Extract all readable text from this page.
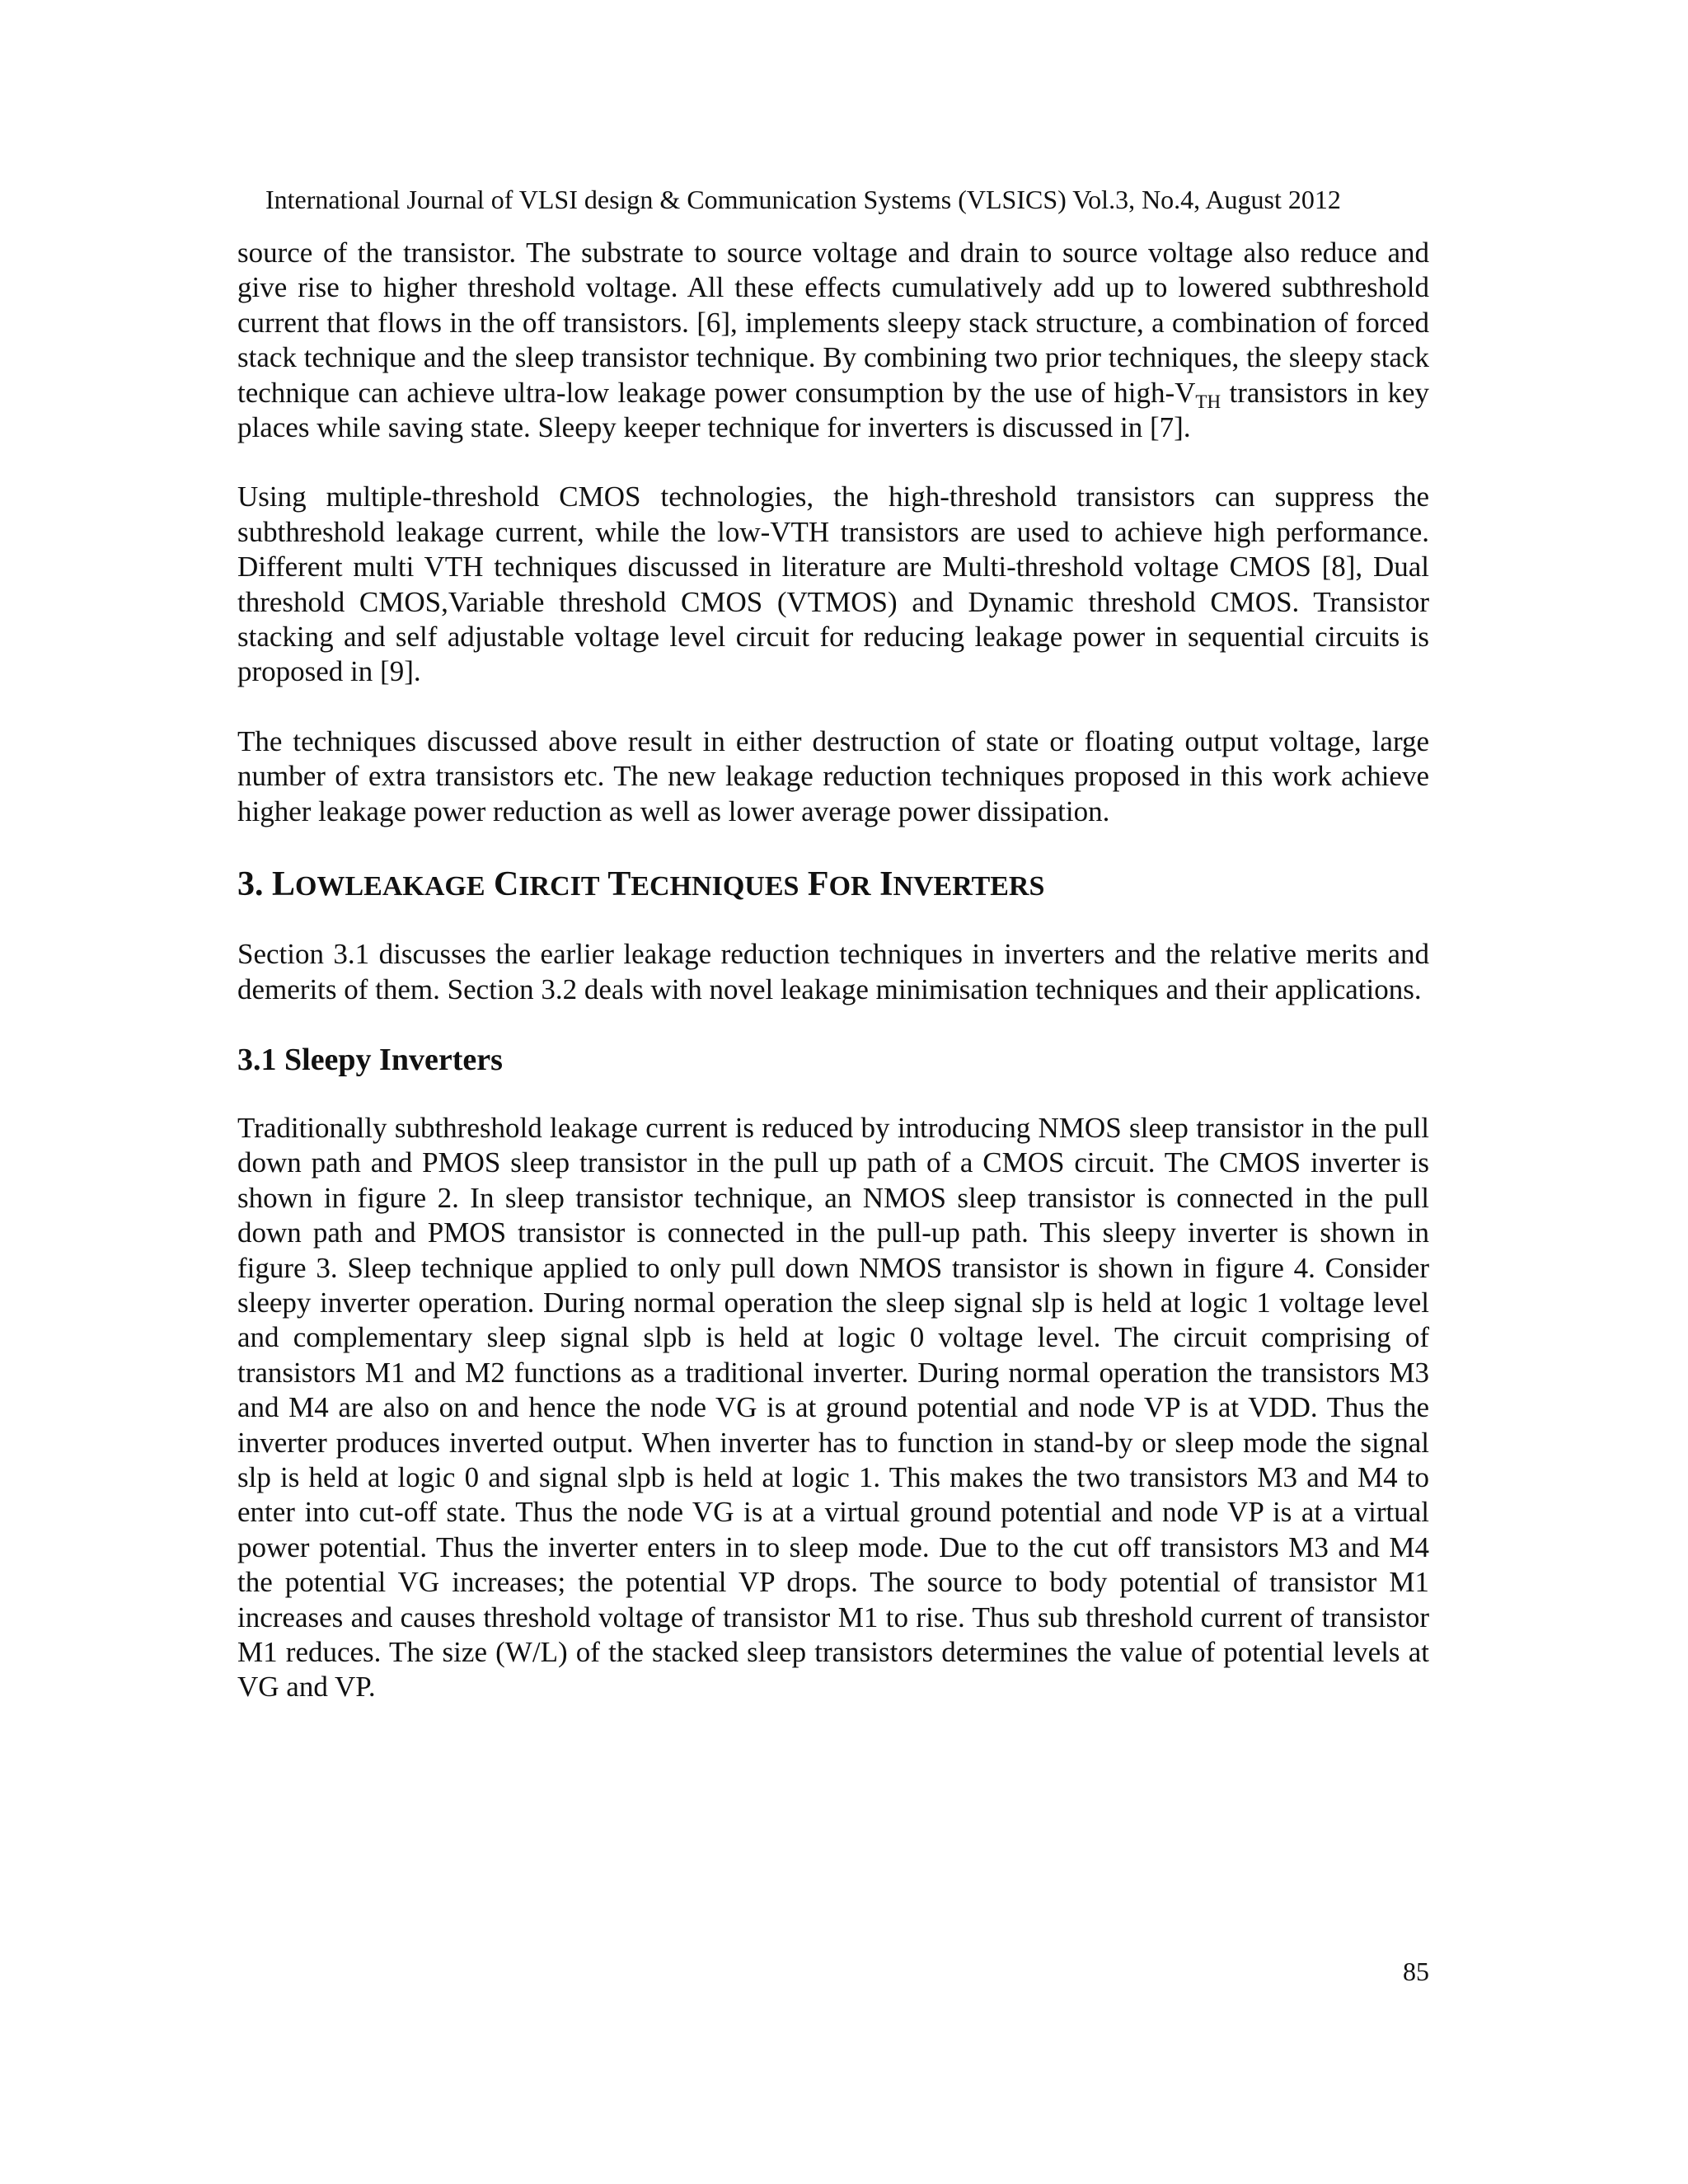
International Journal of VLSI design & Communication Systems (VLSICS) Vol.3, No.4, August 2012

source of the transistor. The substrate to source voltage and drain to source voltage also reduce and give rise to higher threshold voltage. All these effects cumulatively add up to lowered subthreshold current that flows in the off transistors. [6], implements sleepy stack structure, a combination of forced stack technique and the sleep transistor technique. By combining two prior techniques, the sleepy stack technique can achieve ultra-low leakage power consumption by the use of high-$V_{TH}$ transistors in key places while saving state. Sleepy keeper technique for inverters is discussed in [7].

Using multiple-threshold CMOS technologies, the high-threshold transistors can suppress the subthreshold leakage current, while the low-VTH transistors are used to achieve high performance. Different multi VTH techniques discussed in literature are Multi-threshold voltage CMOS [8], Dual threshold CMOS,Variable threshold CMOS (VTMOS) and Dynamic threshold CMOS. Transistor stacking and self adjustable voltage level circuit for reducing leakage power in sequential circuits is proposed in [9].

The techniques discussed above result in either destruction of state or floating output voltage, large number of extra transistors etc. The new leakage reduction techniques proposed in this work achieve higher leakage power reduction as well as lower average power dissipation.

3. LOWLEAKAGE CIRCIT TECHNIQUES FOR INVERTERS

Section 3.1 discusses the earlier leakage reduction techniques in inverters and the relative merits and demerits of them. Section 3.2 deals with novel leakage minimisation techniques and their applications.

3.1 Sleepy Inverters

Traditionally subthreshold leakage current is reduced by introducing NMOS sleep transistor in the pull down path and PMOS sleep transistor in the pull up path of a CMOS circuit. The CMOS inverter is shown in figure 2. In sleep transistor technique, an NMOS sleep transistor is connected in the pull down path and PMOS transistor is connected in the pull-up path. This sleepy inverter is shown in figure 3. Sleep technique applied to only pull down NMOS transistor is shown in figure 4. Consider sleepy inverter operation. During normal operation the sleep signal slp is held at logic 1 voltage level and complementary sleep signal slpb is held at logic 0 voltage level. The circuit comprising of transistors M1 and M2 functions as a traditional inverter. During normal operation the transistors M3 and M4 are also on and hence the node VG is at ground potential and node VP is at VDD. Thus the inverter produces inverted output. When inverter has to function in stand-by or sleep mode the signal slp is held at logic 0 and signal slpb is held at logic 1. This makes the two transistors M3 and M4 to enter into cut-off state. Thus the node VG is at a virtual ground potential and node VP is at a virtual power potential. Thus the inverter enters in to sleep mode. Due to the cut off transistors M3 and M4 the potential VG increases; the potential VP drops. The source to body potential of transistor M1 increases and causes threshold voltage of transistor M1 to rise. Thus sub threshold current of transistor M1 reduces. The size (W/L) of the stacked sleep transistors determines the value of potential levels at VG and VP.

85
